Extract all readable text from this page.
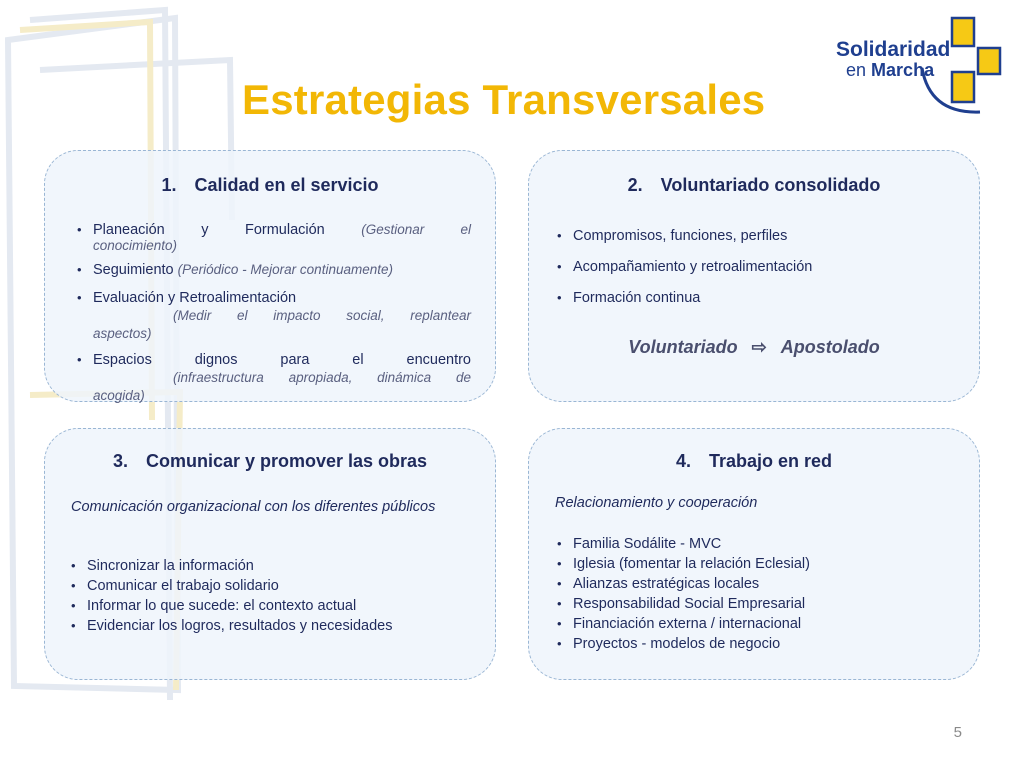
Estrategias Transversales
Solidaridad
en Marcha
1. Calidad en el servicio
• Planeación y Formulación	(Gestionar el
conocimiento)
• Seguimiento (Periódico - Mejorar continuamente)
• Evaluación y Retroalimentación
(Medir el impacto social, replantear
aspectos)
• Espacios dignos para el encuentro
(infraestructura apropiada, dinámica de
acogida)
2. Voluntariado consolidado
• Compromisos, funciones, perfiles
• Acompañamiento y retroalimentación
• Formación continua
Voluntariado ⇨ Apostolado
3. Comunicar y promover las obras
Comunicación organizacional con los diferentes públicos
• Sincronizar la información
• Comunicar el trabajo solidario
• Informar lo que sucede: el contexto actual
• Evidenciar los logros, resultados y necesidades
4. Trabajo en red
Relacionamiento y cooperación
• Familia Sodálite - MVC
• Iglesia (fomentar la relación Eclesial)
• Alianzas estratégicas locales
• Responsabilidad Social Empresarial
• Financiación externa / internacional
• Proyectos - modelos de negocio
5
